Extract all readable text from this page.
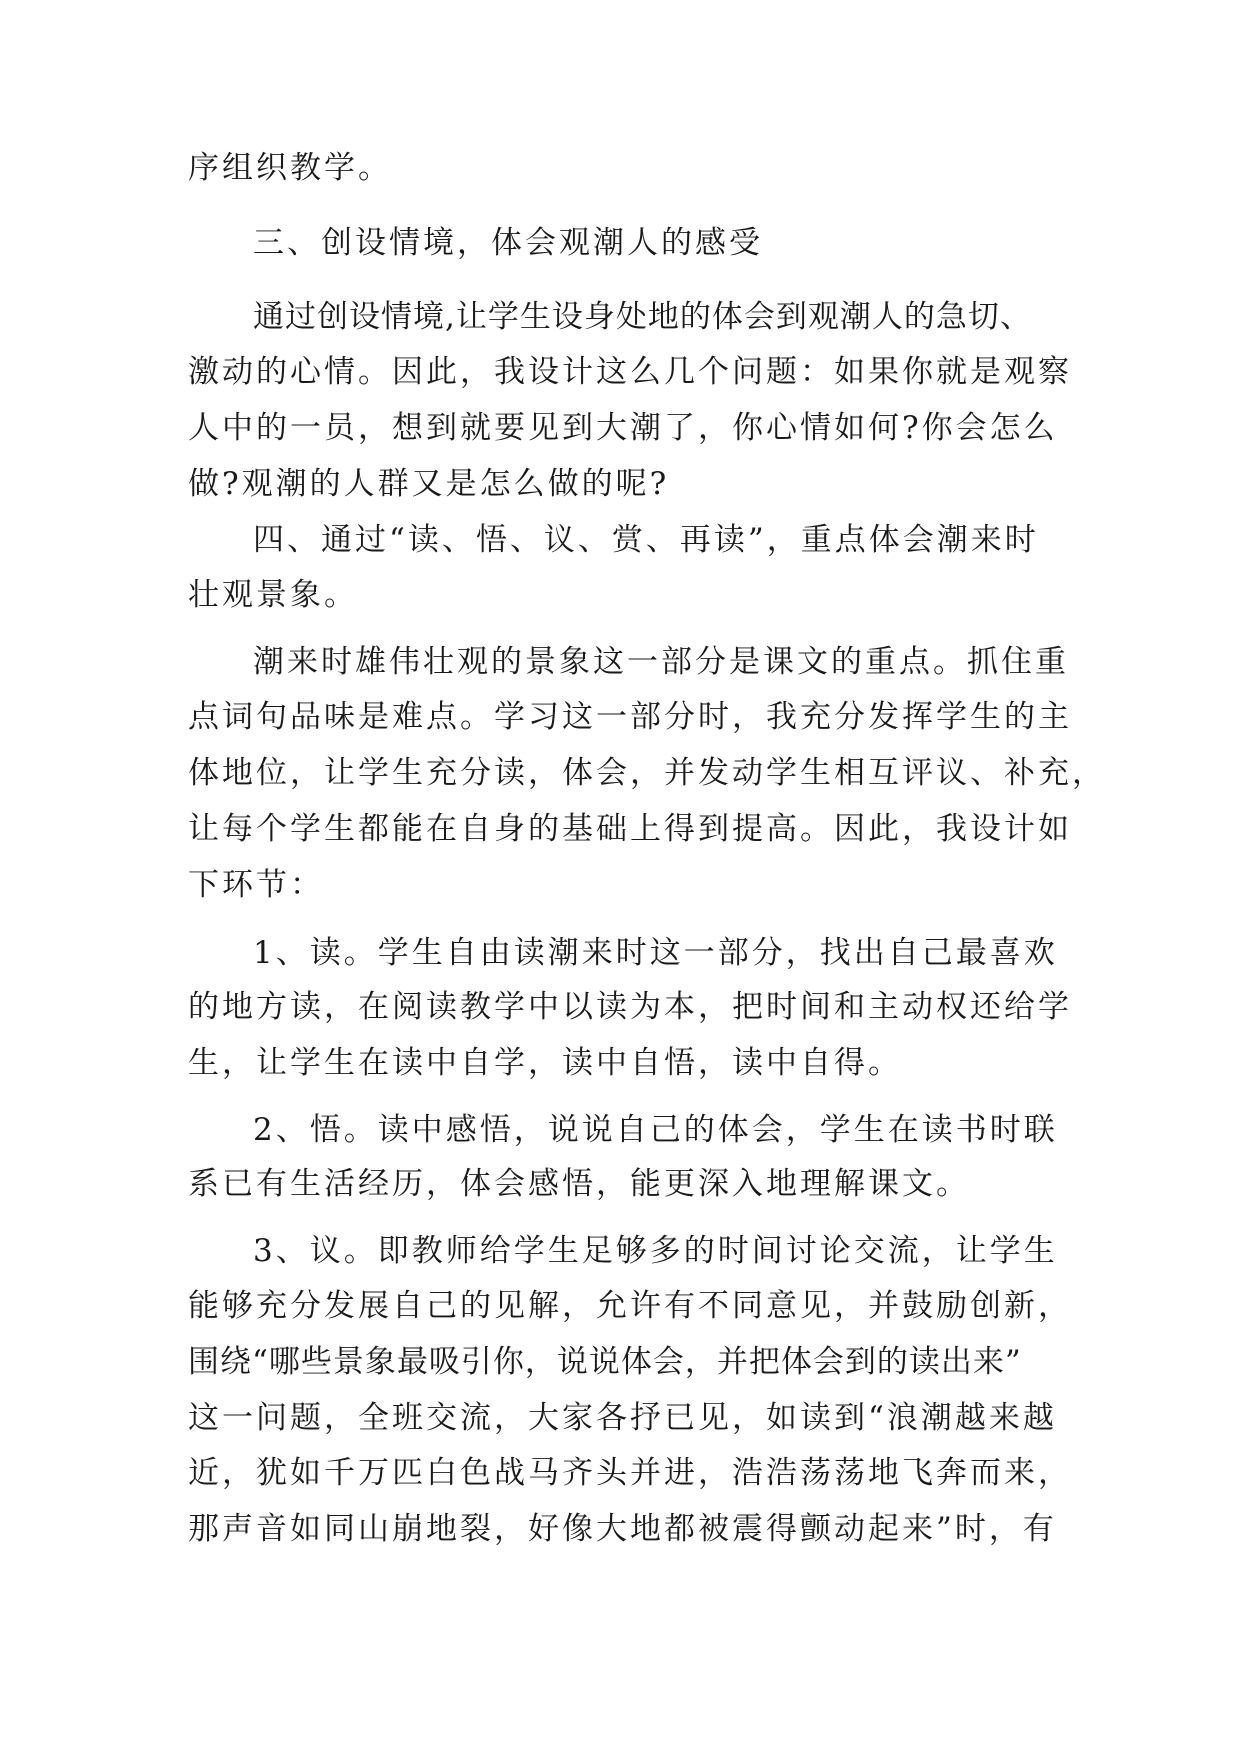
序组织教学。
三、创设情境，体会观潮人的感受
通过创设情境,让学生设身处地的体会到观潮人的急切、
激动的心情。因此，我设计这么几个问题：如果你就是观察
人中的一员，想到就要见到大潮了，你心情如何?你会怎么
做?观潮的人群又是怎么做的呢?
四、通过“读、悟、议、赏、再读”，重点体会潮来时
壮观景象。
潮来时雄伟壮观的景象这一部分是课文的重点。抓住重
点词句品味是难点。学习这一部分时，我充分发挥学生的主
体地位，让学生充分读，体会，并发动学生相互评议、补充，
让每个学生都能在自身的基础上得到提高。因此，我设计如
下环节：
1、读。学生自由读潮来时这一部分，找出自己最喜欢
的地方读，在阅读教学中以读为本，把时间和主动权还给学
生，让学生在读中自学，读中自悟，读中自得。
2、悟。读中感悟，说说自己的体会，学生在读书时联
系已有生活经历，体会感悟，能更深入地理解课文。
3、议。即教师给学生足够多的时间讨论交流，让学生
能够充分发展自己的见解，允许有不同意见，并鼓励创新，
围绕“哪些景象最吸引你，说说体会，并把体会到的读出来”
这一问题，全班交流，大家各抒已见，如读到“浪潮越来越
近，犹如千万匹白色战马齐头并进，浩浩荡荡地飞奔而来，
那声音如同山崩地裂，好像大地都被震得颤动起来”时，有
